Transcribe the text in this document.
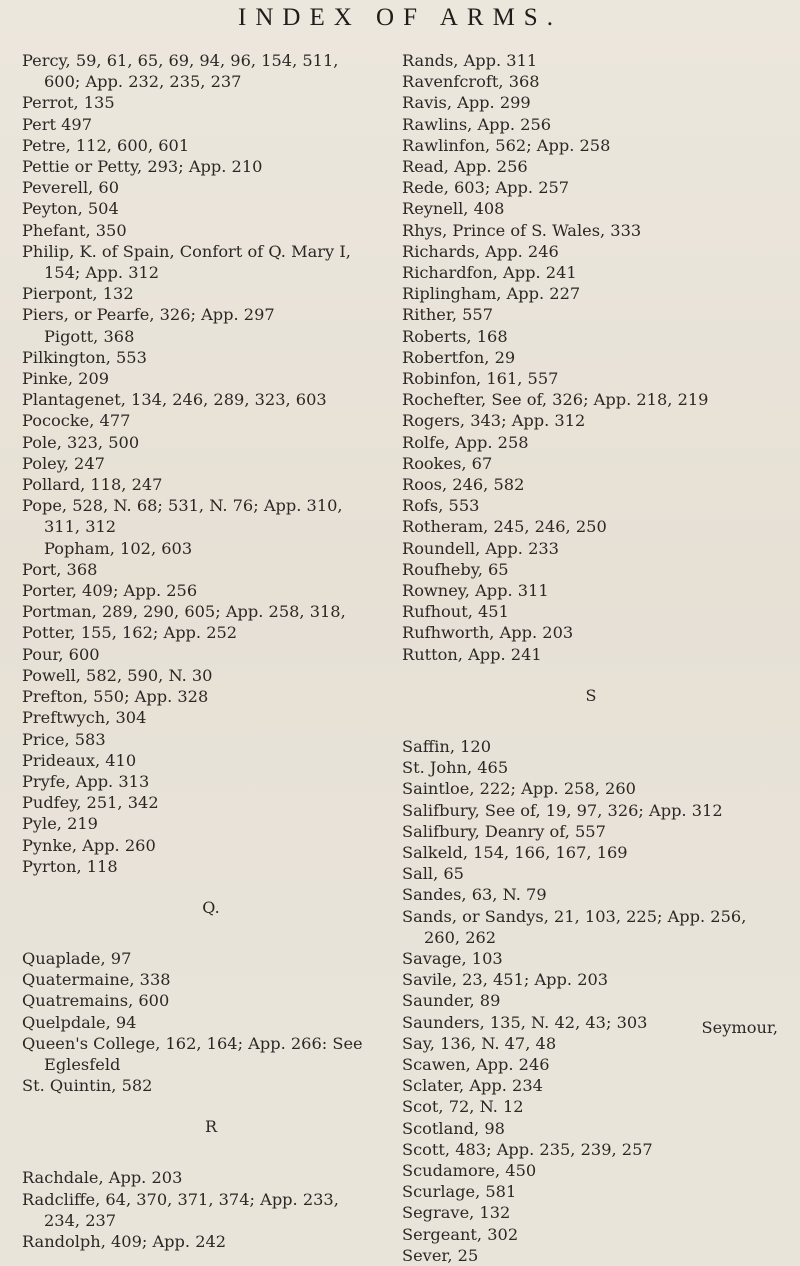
INDEX OF ARMS.
Percy, 59, 61, 65, 69, 94, 96, 154, 511,
600; App. 232, 235, 237
Perrot, 135
Pert 497
Petre, 112, 600, 601
Pettie or Petty, 293; App. 210
Peverell, 60
Peyton, 504
Phefant, 350
Philip, K. of Spain, Confort of Q. Mary I,
154; App. 312
Pierpont, 132
Piers, or Pearfe, 326; App. 297
Pigott, 368
Pilkington, 553
Pinke, 209
Plantagenet, 134, 246, 289, 323, 603
Pococke, 477
Pole, 323, 500
Poley, 247
Pollard, 118, 247
Pope, 528, N. 68; 531, N. 76; App. 310,
311, 312
Popham, 102, 603
Port, 368
Porter, 409; App. 256
Portman, 289, 290, 605; App. 258, 318,
Potter, 155, 162; App. 252
Pour, 600
Powell, 582, 590, N. 30
Prefton, 550; App. 328
Preftwych, 304
Price, 583
Prideaux, 410
Pryfe, App. 313
Pudfey, 251, 342
Pyle, 219
Pynke, App. 260
Pyrton, 118
Q.
Quaplade, 97
Quatermaine, 338
Quatremains, 600
Quelpdale, 94
Queen's College, 162, 164; App. 266: See
Eglesfeld
St. Quintin, 582
R
Rachdale, App. 203
Radcliffe, 64, 370, 371, 374; App. 233,
234, 237
Randolph, 409; App. 242
Rands, App. 311
Ravenfcroft, 368
Ravis, App. 299
Rawlins, App. 256
Rawlinfon, 562; App. 258
Read, App. 256
Rede, 603; App. 257
Reynell, 408
Rhys, Prince of S. Wales, 333
Richards, App. 246
Richardfon, App. 241
Riplingham, App. 227
Rither, 557
Roberts, 168
Robertfon, 29
Robinfon, 161, 557
Rochefter, See of, 326; App. 218, 219
Rogers, 343; App. 312
Rolfe, App. 258
Rookes, 67
Roos, 246, 582
Rofs, 553
Rotheram, 245, 246, 250
Roundell, App. 233
Roufheby, 65
Rowney, App. 311
Rufhout, 451
Rufhworth, App. 203
Rutton, App. 241
S
Saffin, 120
St. John, 465
Saintloe, 222; App. 258, 260
Salifbury, See of, 19, 97, 326; App. 312
Salifbury, Deanry of, 557
Salkeld, 154, 166, 167, 169
Sall, 65
Sandes, 63, N. 79
Sands, or Sandys, 21, 103, 225; App. 256,
260, 262
Savage, 103
Savile, 23, 451; App. 203
Saunder, 89
Saunders, 135, N. 42, 43; 303
Say, 136, N. 47, 48
Scawen, App. 246
Sclater, App. 234
Scot, 72, N. 12
Scotland, 98
Scott, 483; App. 235, 239, 257
Scudamore, 450
Scurlage, 581
Segrave, 132
Sergeant, 302
Sever, 25
Seymour,
